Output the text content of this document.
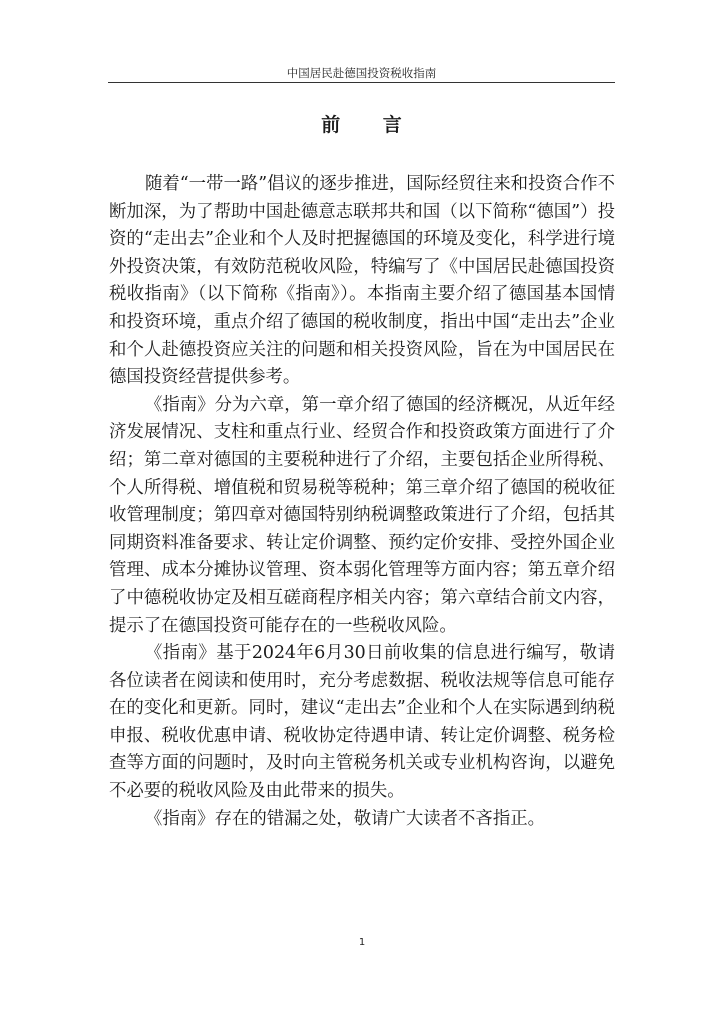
中国居民赴德国投资税收指南
前 言

随着“一带一路”倡议的逐步推进，国际经贸往来和投资合作不断加深，为了帮助中国赴德意志联邦共和国（以下简称“德国”）投资的“走出去”企业和个人及时把握德国的环境及变化，科学进行境外投资决策，有效防范税收风险，特编写了《中国居民赴德国投资税收指南》（以下简称《指南》）。本指南主要介绍了德国基本国情和投资环境，重点介绍了德国的税收制度，指出中国“走出去”企业和个人赴德投资应关注的问题和相关投资风险，旨在为中国居民在德国投资经营提供参考。

《指南》分为六章，第一章介绍了德国的经济概况，从近年经济发展情况、支柱和重点行业、经贸合作和投资政策方面进行了介绍；第二章对德国的主要税种进行了介绍，主要包括企业所得税、个人所得税、增值税和贸易税等税种；第三章介绍了德国的税收征收管理制度；第四章对德国特别纳税调整政策进行了介绍，包括其同期资料准备要求、转让定价调整、预约定价安排、受控外国企业管理、成本分摊协议管理、资本弱化管理等方面内容；第五章介绍了中德税收协定及相互磋商程序相关内容；第六章结合前文内容，提示了在德国投资可能存在的一些税收风险。

《指南》基于2024年6月30日前收集的信息进行编写，敬请各位读者在阅读和使用时，充分考虑数据、税收法规等信息可能存在的变化和更新。同时，建议“走出去”企业和个人在实际遇到纳税申报、税收优惠申请、税收协定待遇申请、转让定价调整、税务检查等方面的问题时，及时向主管税务机关或专业机构咨询，以避免不必要的税收风险及由此带来的损失。

《指南》存在的错漏之处，敬请广大读者不吝指正。

1
